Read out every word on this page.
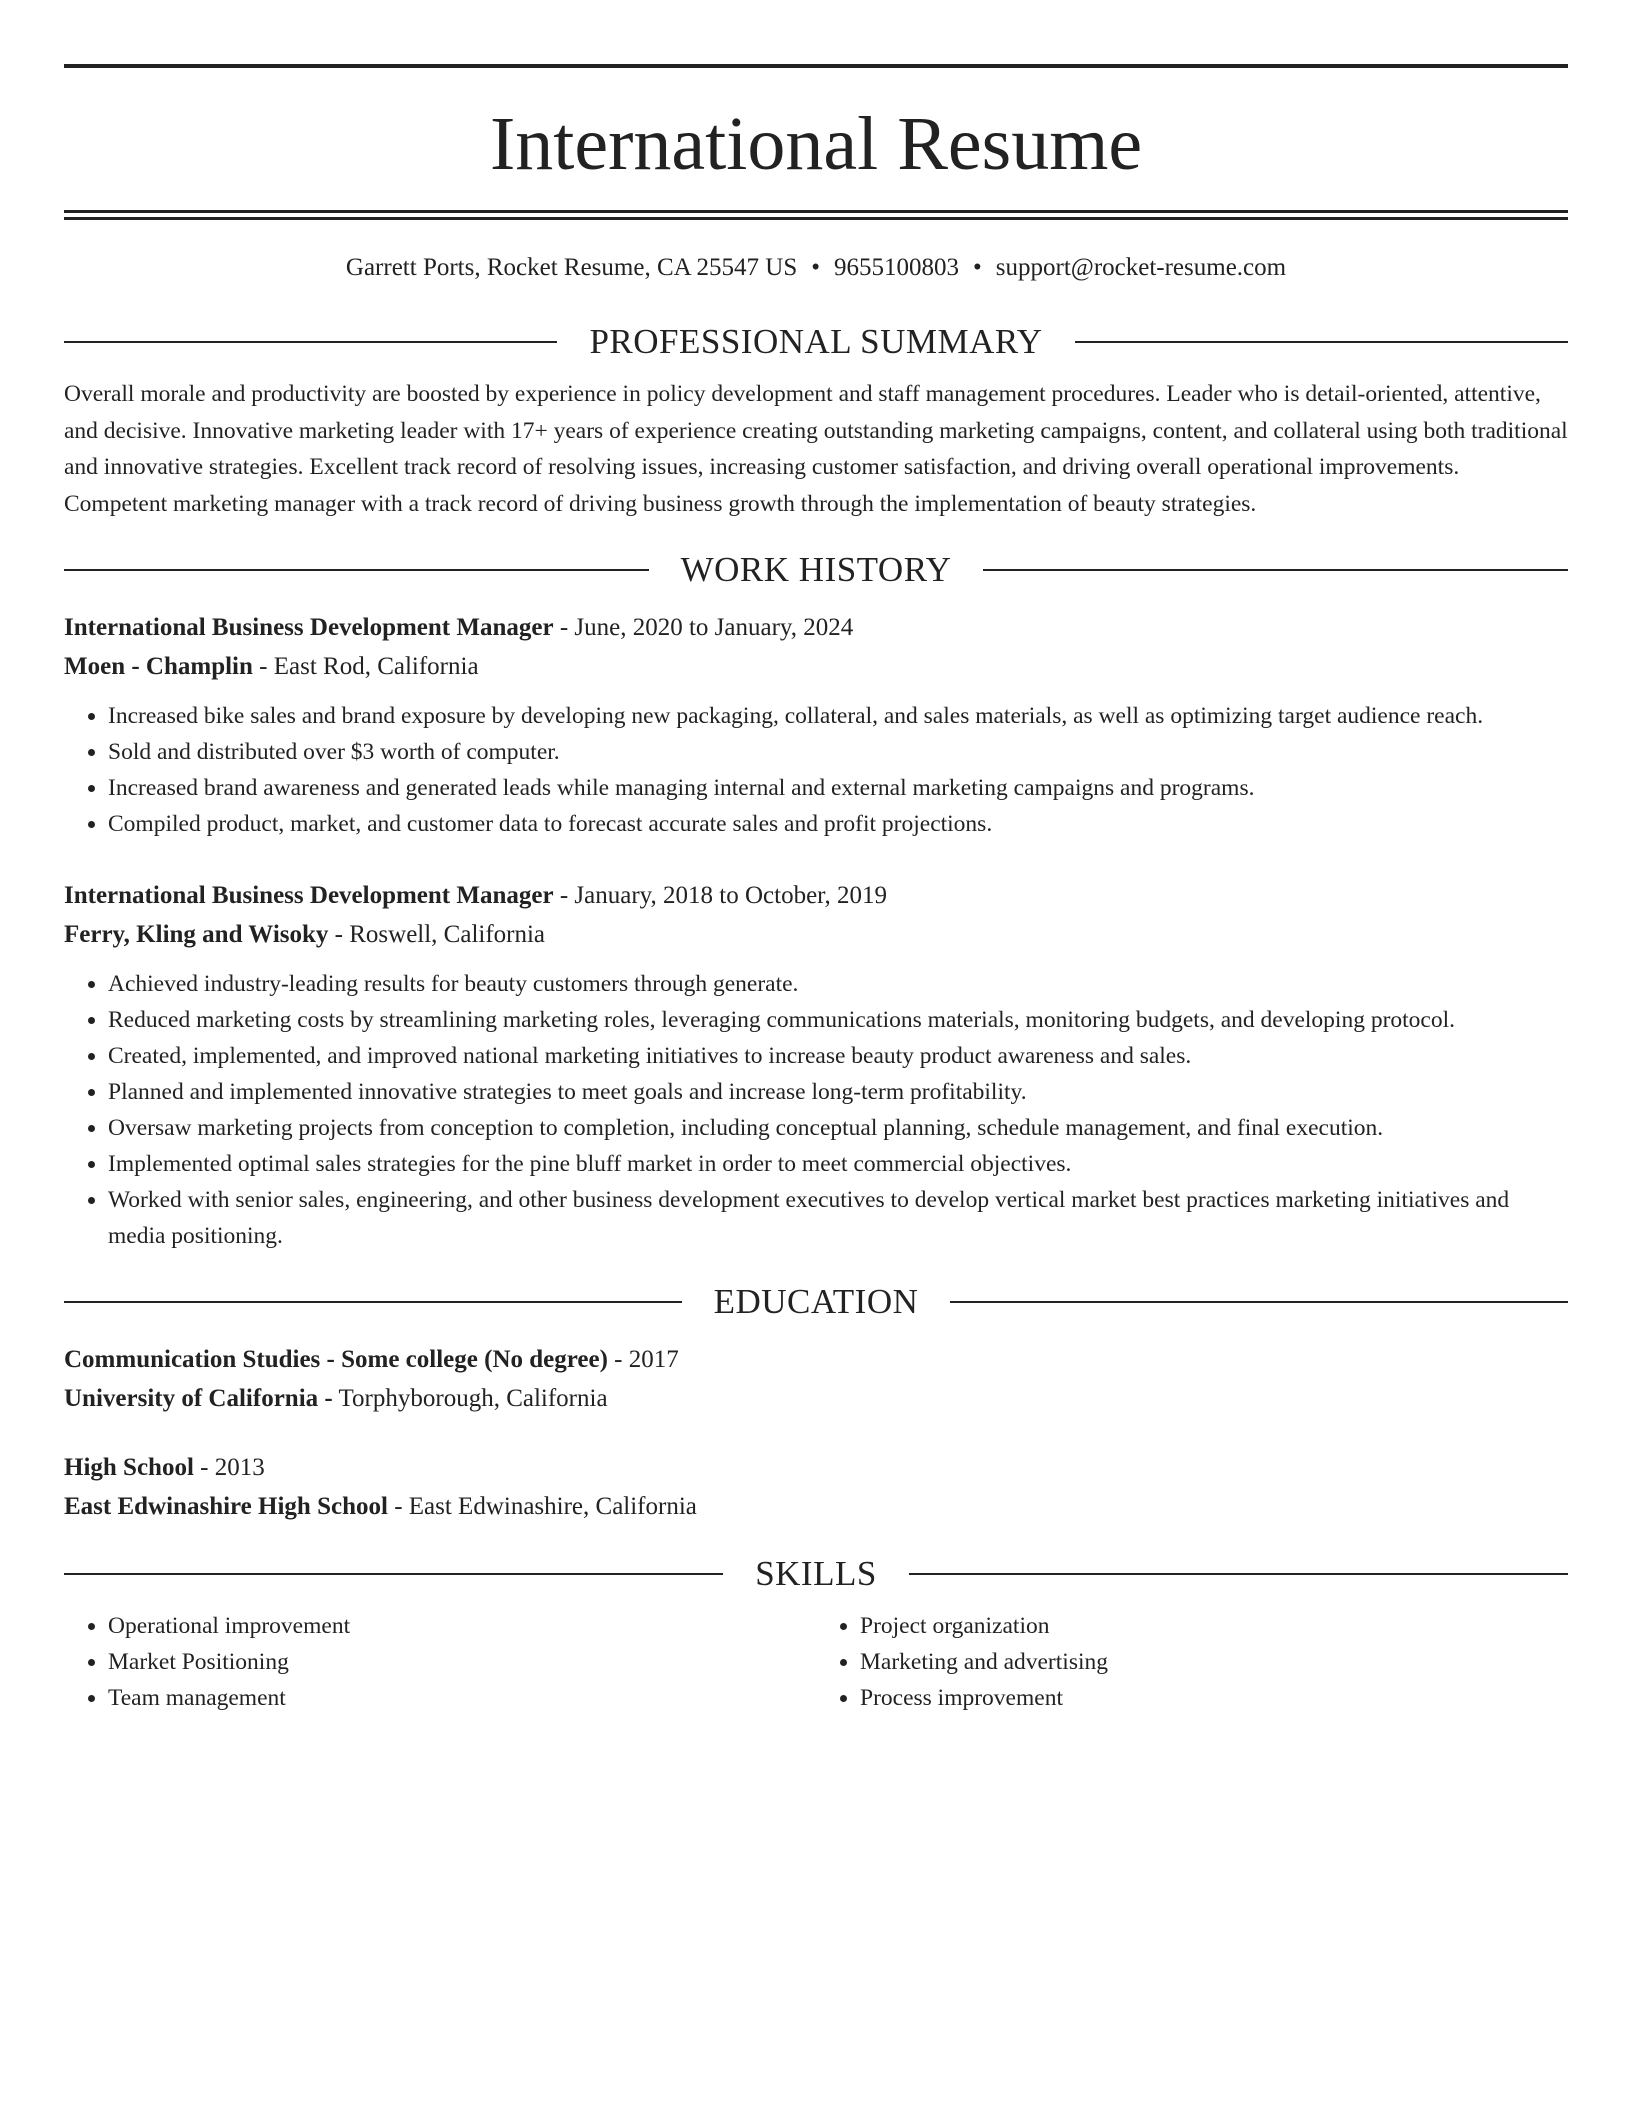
International Resume
Garrett Ports, Rocket Resume, CA 25547 US • 9655100803 • support@rocket-resume.com
PROFESSIONAL SUMMARY
Overall morale and productivity are boosted by experience in policy development and staff management procedures. Leader who is detail-oriented, attentive, and decisive. Innovative marketing leader with 17+ years of experience creating outstanding marketing campaigns, content, and collateral using both traditional and innovative strategies. Excellent track record of resolving issues, increasing customer satisfaction, and driving overall operational improvements. Competent marketing manager with a track record of driving business growth through the implementation of beauty strategies.
WORK HISTORY
International Business Development Manager - June, 2020 to January, 2024
Moen - Champlin - East Rod, California
• Increased bike sales and brand exposure by developing new packaging, collateral, and sales materials, as well as optimizing target audience reach.
• Sold and distributed over $3 worth of computer.
• Increased brand awareness and generated leads while managing internal and external marketing campaigns and programs.
• Compiled product, market, and customer data to forecast accurate sales and profit projections.
International Business Development Manager - January, 2018 to October, 2019
Ferry, Kling and Wisoky - Roswell, California
• Achieved industry-leading results for beauty customers through generate.
• Reduced marketing costs by streamlining marketing roles, leveraging communications materials, monitoring budgets, and developing protocol.
• Created, implemented, and improved national marketing initiatives to increase beauty product awareness and sales.
• Planned and implemented innovative strategies to meet goals and increase long-term profitability.
• Oversaw marketing projects from conception to completion, including conceptual planning, schedule management, and final execution.
• Implemented optimal sales strategies for the pine bluff market in order to meet commercial objectives.
• Worked with senior sales, engineering, and other business development executives to develop vertical market best practices marketing initiatives and media positioning.
EDUCATION
Communication Studies - Some college (No degree) - 2017
University of California - Torphyborough, California
High School - 2013
East Edwinashire High School - East Edwinashire, California
SKILLS
• Operational improvement
• Market Positioning
• Team management
• Project organization
• Marketing and advertising
• Process improvement
